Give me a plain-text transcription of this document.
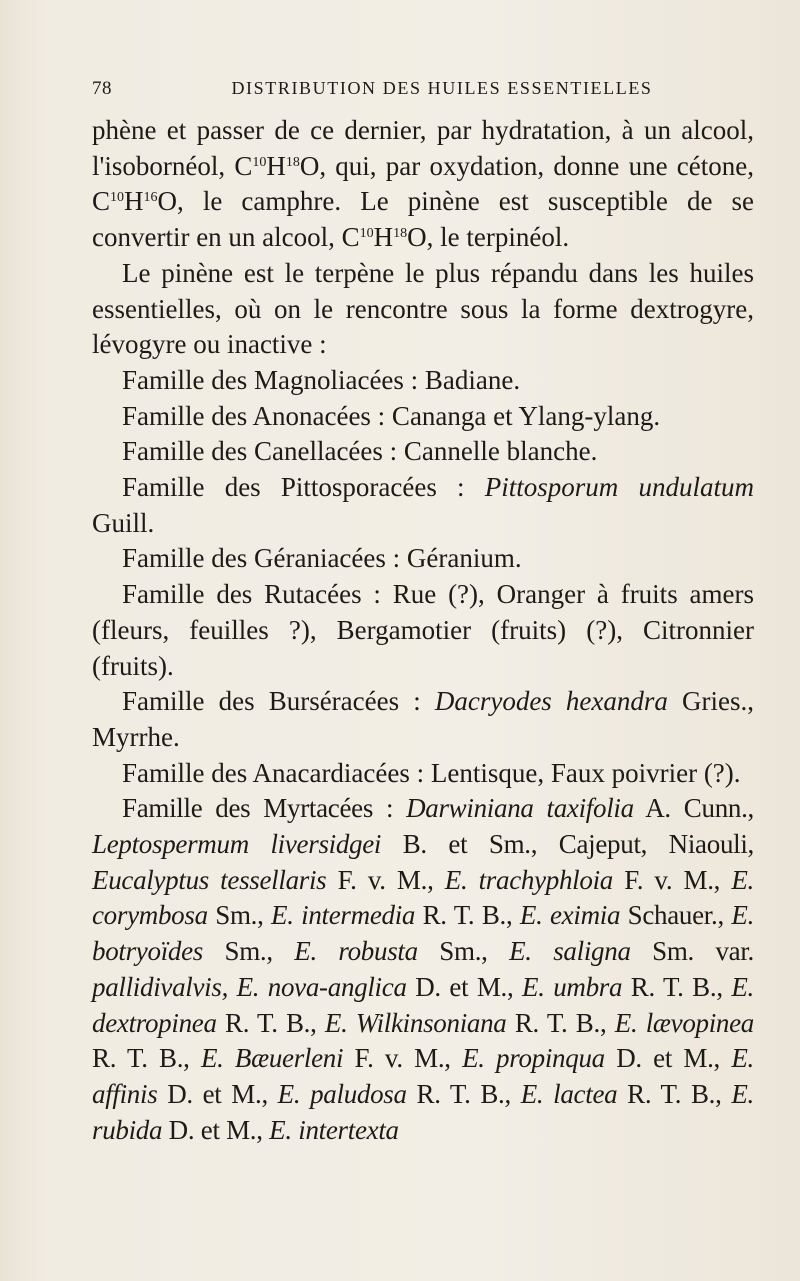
78	DISTRIBUTION DES HUILES ESSENTIELLES

phène et passer de ce dernier, par hydratation, à un alcool, l'isobornéol, $C^{10}H^{18}O$, qui, par oxydation, donne une cétone, $C^{10}H^{16}O$, le camphre. Le pinène est susceptible de se convertir en un alcool, $C^{10}H^{18}O$, le terpinéol.

Le pinène est le terpène le plus répandu dans les huiles essentielles, où on le rencontre sous la forme dextrogyre, lévogyre ou inactive :

Famille des Magnoliacées : Badiane.

Famille des Anonacées : Cananga et Ylang-ylang.

Famille des Canellacées : Cannelle blanche.

Famille des Pittosporacées : Pittosporum undulatum Guill.

Famille des Géraniacées : Géranium.

Famille des Rutacées : Rue (?), Oranger à fruits amers (fleurs, feuilles ?), Bergamotier (fruits) (?), Citronnier (fruits).

Famille des Burséracées : Dacryodes hexandra Gries., Myrrhe.

Famille des Anacardiacées : Lentisque, Faux poivrier (?).

Famille des Myrtacées : Darwiniana taxifolia A. Cunn., Leptospermum liversidgei B. et Sm., Cajeput, Niaouli, Eucalyptus tessellaris F. v. M., E. trachyphloia F. v. M., E. corymbosa Sm., E. intermedia R. T. B., E. eximia Schauer., E. botryoïdes Sm., E. robusta Sm., E. saligna Sm. var. pallidivalvis, E. nova-anglica D. et M., E. umbra R. T. B., E. dextropinea R. T. B., E. Wilkinsoniana R. T. B., E. lævopinea R. T. B., E. Bæuerleni F. v. M., E. propinqua D. et M., E. affinis D. et M., E. paludosa R. T. B., E. lactea R. T. B., E. rubida D. et M., E. intertexta
